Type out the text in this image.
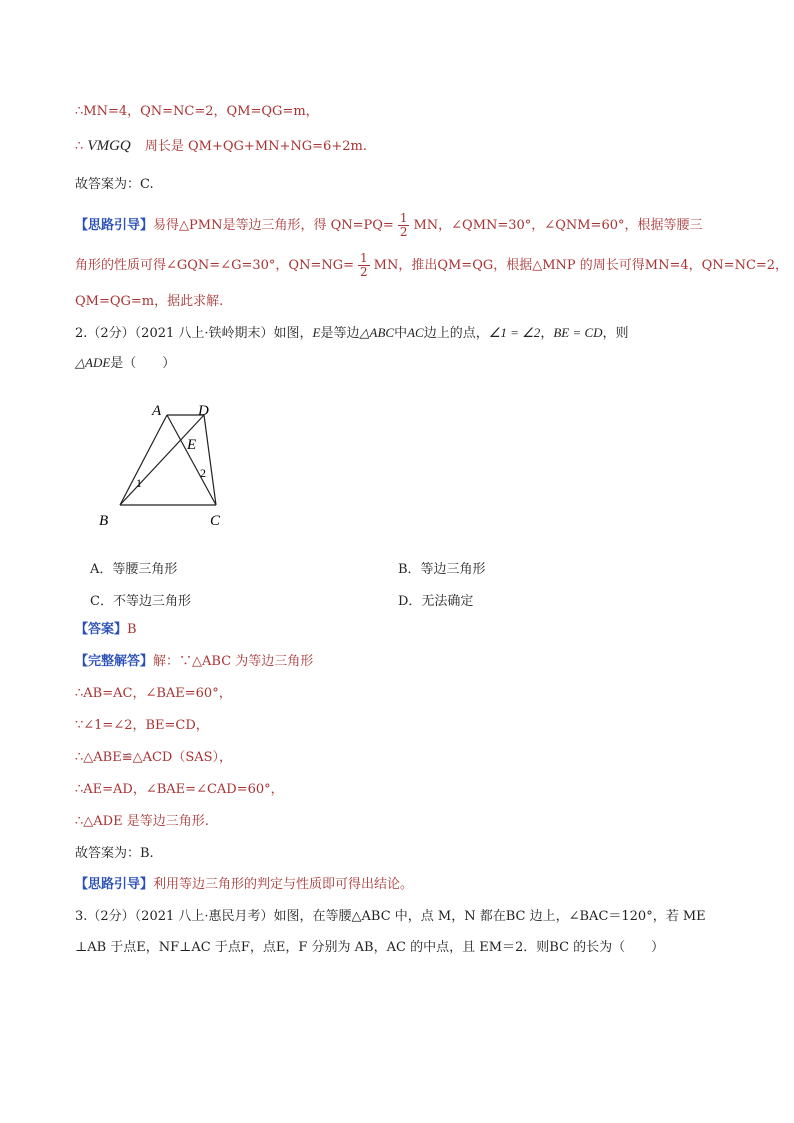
∴MN=4，QN=NC=2，QM=QG=m，
∴ VMGQ 周长是 QM+QG+MN+NG=6+2m.
故答案为：C.
【思路引导】易得△PMN是等边三角形，得 $QN=PQ= \frac{1}{2}$ MN，∠QMN=30°，∠QNM=60°，根据等腰三
角形的性质可得∠GQN=∠G=30°，$QN=NG= \frac{1}{2}$ MN，推出QM=QG，根据△MNP 的周长可得MN=4，QN=NC=2，
QM=QG=m，据此求解.
2.（2分）（2021 八上·铁岭期末）如图，E是等边△ABC中AC边上的点，∠1 = ∠2，BE = CD，则
△ADE是（　　）
A D
E
B	C
1
2
A．等腰三角形	B．等边三角形
C．不等边三角形	D．无法确定
【答案】B
【完整解答】解：∵△ABC 为等边三角形
∴AB=AC，∠BAE=60°，
∵∠1=∠2，BE=CD，
∴△ABE≌△ACD（SAS），
∴AE=AD，∠BAE=∠CAD=60°，
∴△ADE 是等边三角形.
故答案为：B.
【思路引导】利用等边三角形的判定与性质即可得出结论。
3.（2分）（2021 八上·惠民月考）如图，在等腰△ABC 中，点 M，N 都在BC 边上，∠BAC＝120°，若 ME
⊥AB 于点E，NF⊥AC 于点F，点E，F 分别为 AB，AC 的中点，且 EM＝2．则BC 的长为（　　）
